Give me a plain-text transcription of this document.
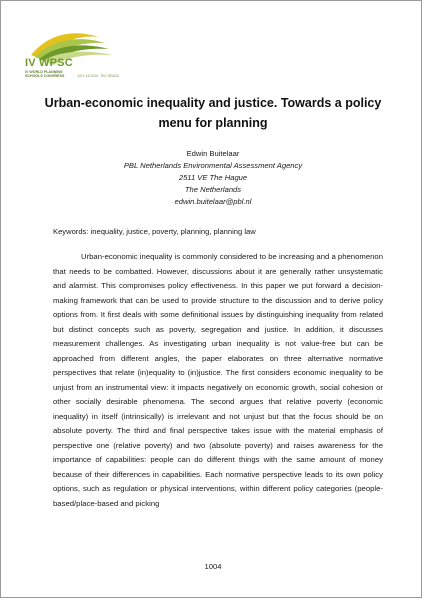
IV WPSC
IV WORLD PLANNING
SCHOOLS CONGRESS	JULY 4-8 2016 · RIO, BRAZIL
Urban-economic inequality and justice. Towards a policy menu for planning
Edwin Buitelaar
PBL Netherlands Environmental Assessment Agency
2511 VE The Hague
The Netherlands
edwin.buitelaar@pbl.nl
Keywords: inequality, justice, poverty, planning, planning law

Urban-economic inequality is commonly considered to be increasing and a phenomenon that needs to be combatted. However, discussions about it are generally rather unsystematic and alarmist. This compromises policy effectiveness. In this paper we put forward a decision-making framework that can be used to provide structure to the discussion and to derive policy options from. It first deals with some definitional issues by distinguishing inequality from related but distinct concepts such as poverty, segregation and justice. In addition, it discusses measurement challenges. As investigating urban inequality is not value-free but can be approached from different angles, the paper elaborates on three alternative normative perspectives that relate (in)equality to (in)justice. The first considers economic inequality to be unjust from an instrumental view: it impacts negatively on economic growth, social cohesion or other socially desirable phenomena. The second argues that relative poverty (economic inequality) in itself (intrinsically) is irrelevant and not unjust but that the focus should be on absolute poverty. The third and final perspective takes issue with the material emphasis of perspective one (relative poverty) and two (absolute poverty) and raises awareness for the importance of capabilities: people can do different things with the same amount of money because of their differences in capabilities. Each normative perspective leads to its own policy options, such as regulation or physical interventions, within different policy categories (people-based/place-based and picking

1004
